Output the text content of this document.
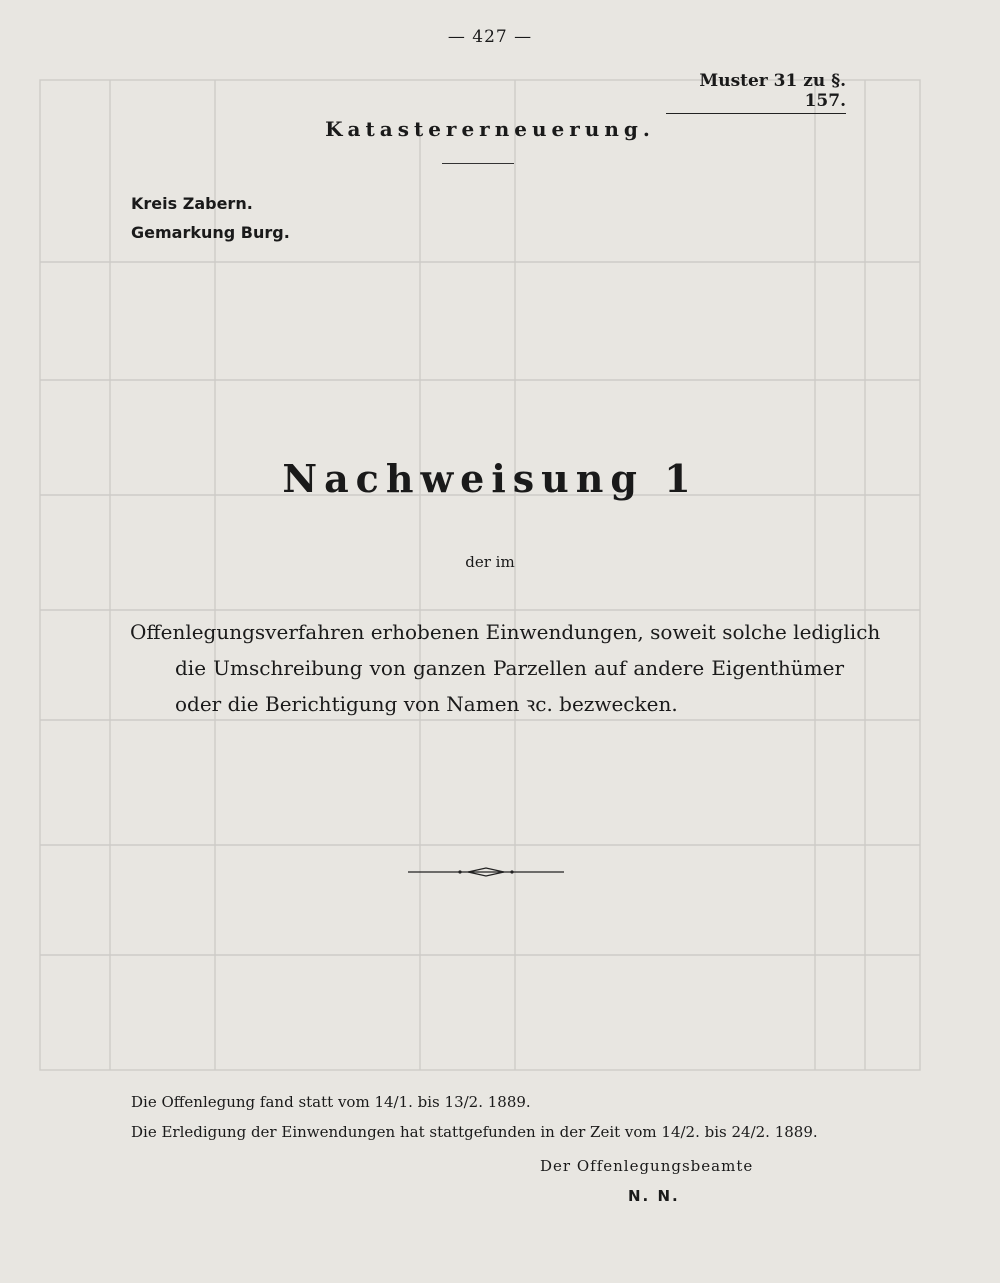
— 427 —
Muster 31 zu §. 157.
Katastererneuerung.
Kreis Zabern.
Gemarkung Burg.
Nachweisung 1
der im
Offenlegungsverfahren erhobenen Einwendungen, soweit solche lediglich
die Umschreibung von ganzen Parzellen auf andere Eigenthümer
oder die Berichtigung von Namen ꝛc. bezwecken.
Die Offenlegung fand statt vom 14/1. bis 13/2. 1889.
Die Erledigung der Einwendungen hat stattgefunden in der Zeit vom 14/2. bis 24/2. 1889.
Der Offenlegungsbeamte
N. N.
